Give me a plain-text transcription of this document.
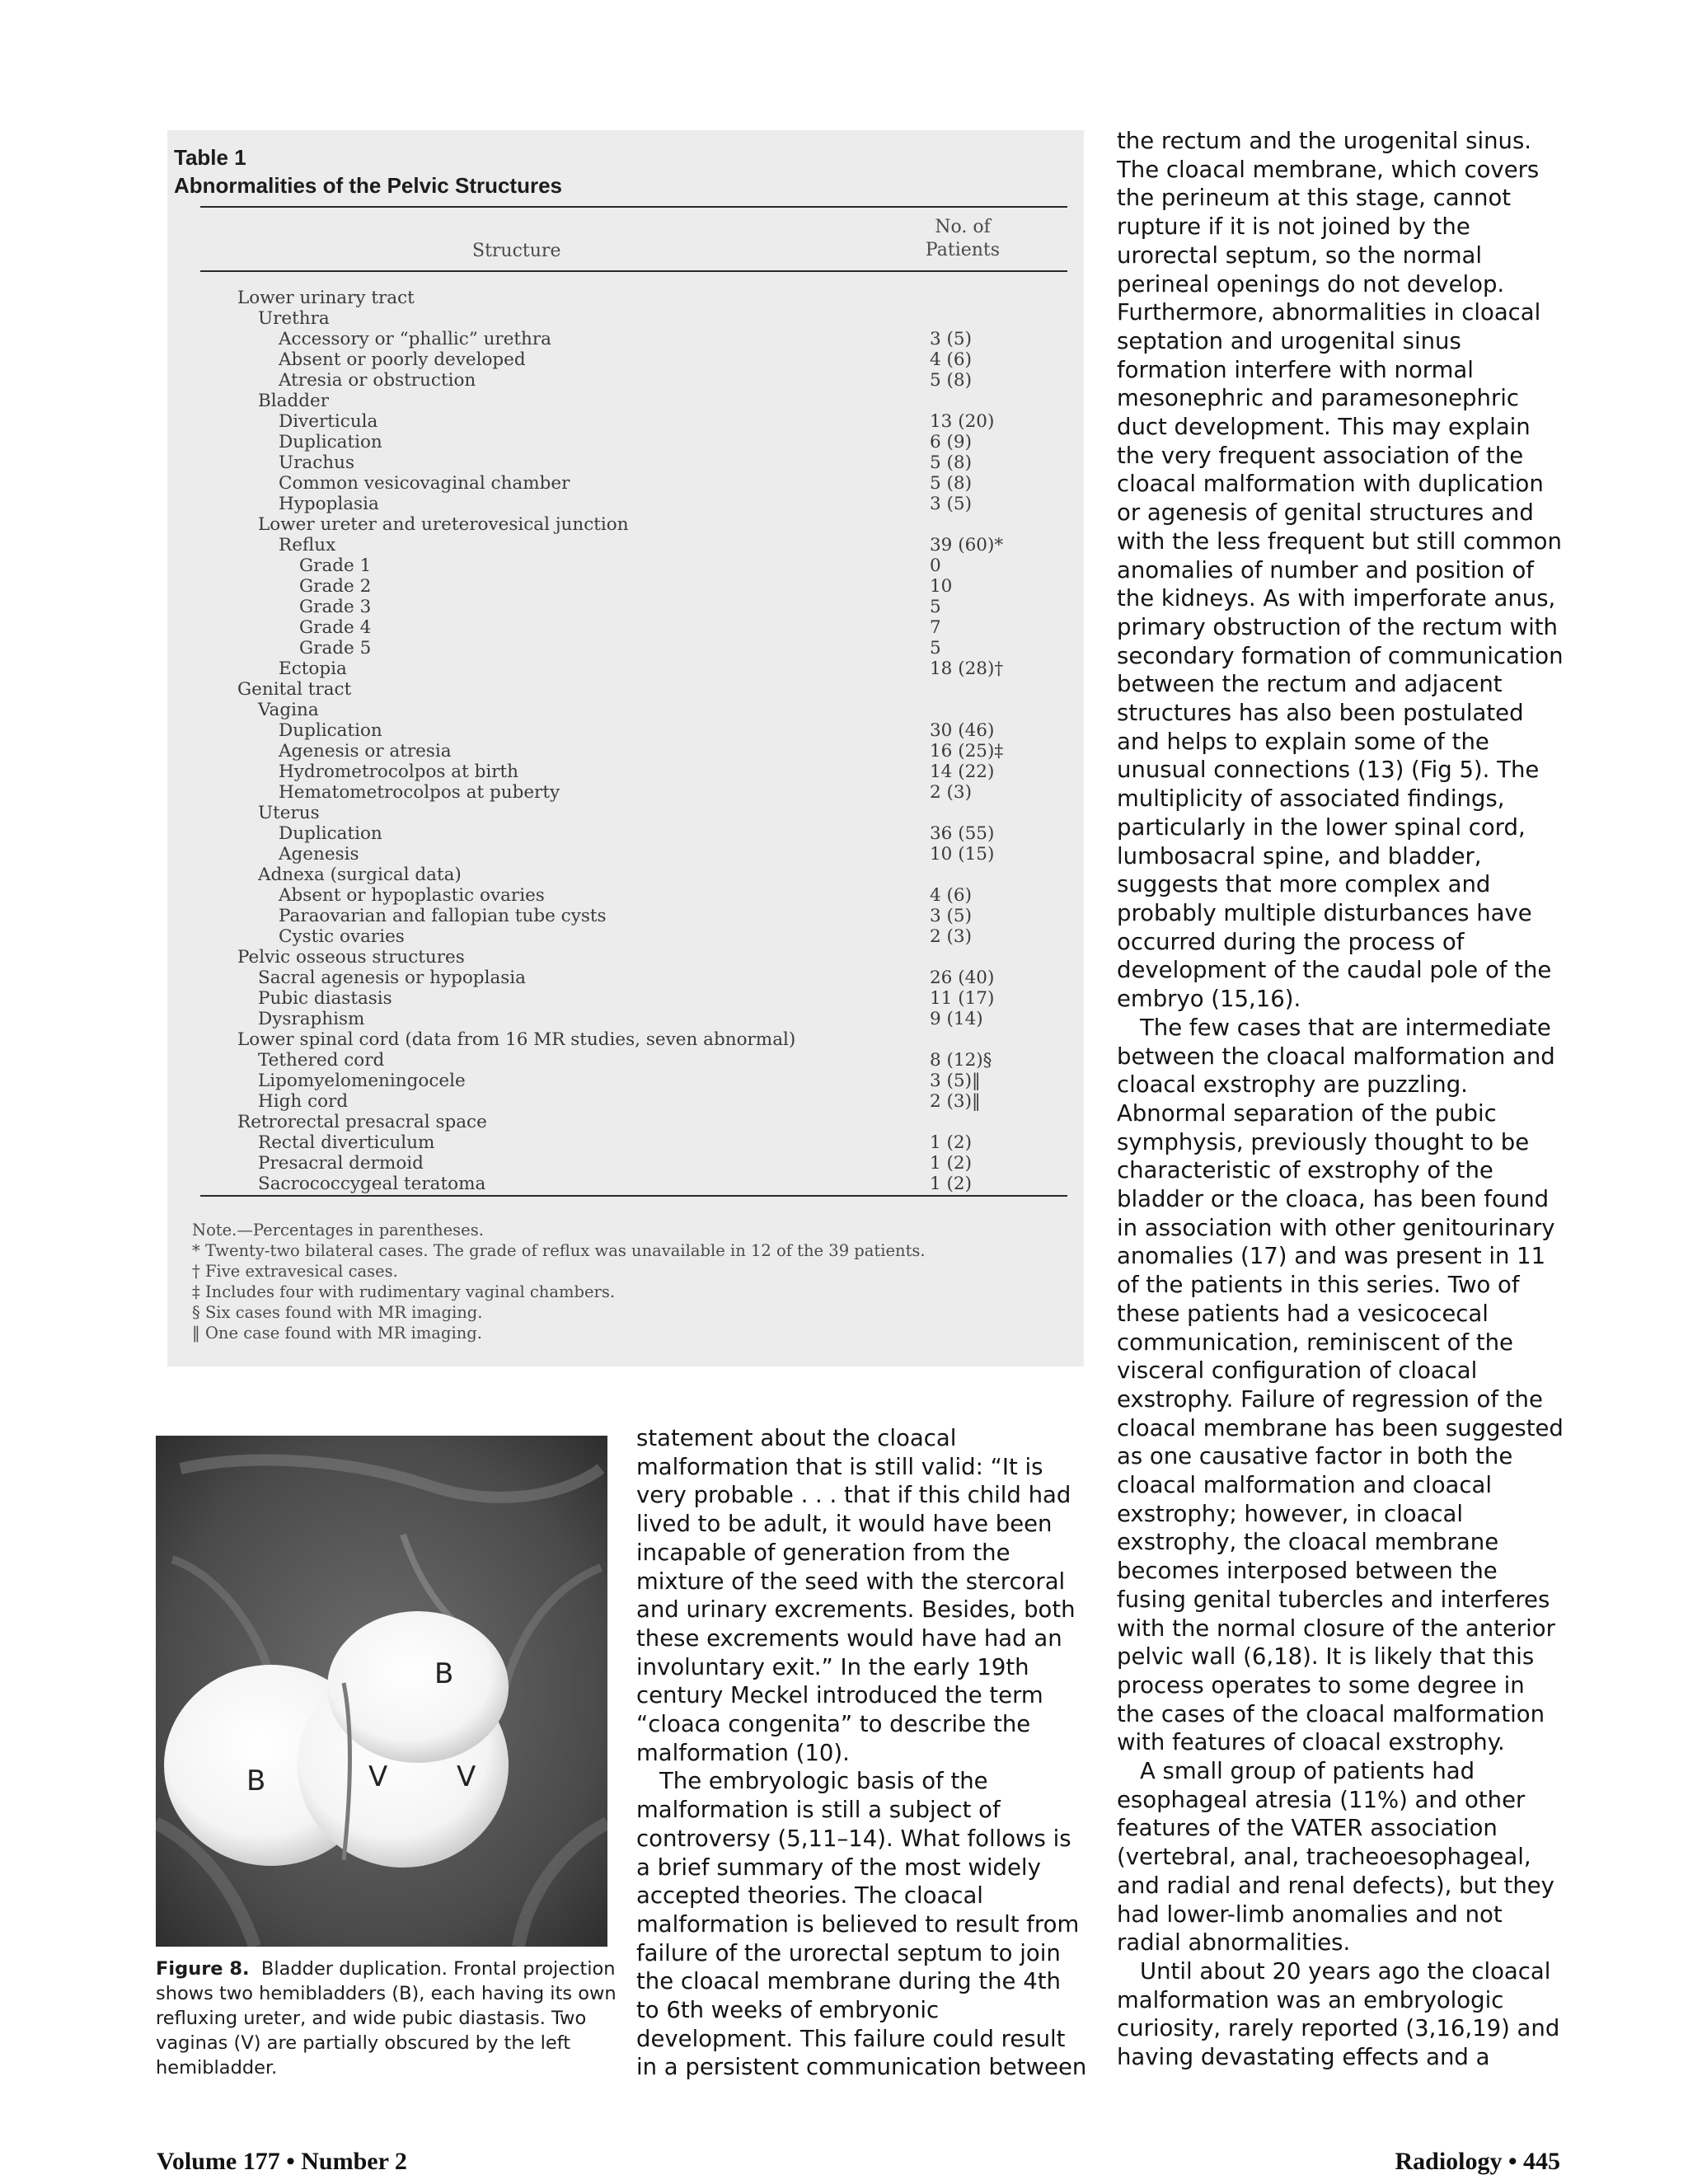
Table 1
Abnormalities of the Pelvic Structures
Structure
No. of
Patients
Lower urinary tract
Urethra
Accessory or “phallic” urethra	3 (5)
Absent or poorly developed	4 (6)
Atresia or obstruction	5 (8)
Bladder
Diverticula	13 (20)
Duplication	6 (9)
Urachus	5 (8)
Common vesicovaginal chamber	5 (8)
Hypoplasia	3 (5)
Lower ureter and ureterovesical junction
Reflux	39 (60)*
Grade 1	0
Grade 2	10
Grade 3	5
Grade 4	7
Grade 5	5
Ectopia	18 (28)†
Genital tract
Vagina
Duplication	30 (46)
Agenesis or atresia	16 (25)‡
Hydrometrocolpos at birth	14 (22)
Hematometrocolpos at puberty	2 (3)
Uterus
Duplication	36 (55)
Agenesis	10 (15)
Adnexa (surgical data)
Absent or hypoplastic ovaries	4 (6)
Paraovarian and fallopian tube cysts	3 (5)
Cystic ovaries	2 (3)
Pelvic osseous structures
Sacral agenesis or hypoplasia	26 (40)
Pubic diastasis	11 (17)
Dysraphism	9 (14)
Lower spinal cord (data from 16 MR studies, seven abnormal)
Tethered cord	8 (12)§
Lipomyelomeningocele	3 (5)‖
High cord	2 (3)‖
Retrorectal presacral space
Rectal diverticulum	1 (2)
Presacral dermoid	1 (2)
Sacrococcygeal teratoma	1 (2)
Note.—Percentages in parentheses.
* Twenty-two bilateral cases. The grade of reflux was unavailable in 12 of the 39 patients.
† Five extravesical cases.
‡ Includes four with rudimentary vaginal chambers.
§ Six cases found with MR imaging.
‖ One case found with MR imaging.
B
B
V V
Figure 8. Bladder duplication. Frontal projection shows two hemibladders (B), each having its own refluxing ureter, and wide pubic diastasis. Two vaginas (V) are partially obscured by the left hemibladder.

statement about the cloacal malformation that is still valid: “It is very probable . . . that if this child had lived to be adult, it would have been incapable of generation from the mixture of the seed with the stercoral and urinary excrements. Besides, both these excrements would have had an involuntary exit.” In the early 19th century Meckel introduced the term “cloaca congenita” to describe the malformation (10).

The embryologic basis of the malformation is still a subject of controversy (5,11–14). What follows is a brief summary of the most widely accepted theories. The cloacal malformation is believed to result from failure of the urorectal septum to join the cloacal membrane during the 4th to 6th weeks of embryonic development. This failure could result in a persistent communication between

the rectum and the urogenital sinus. The cloacal membrane, which covers the perineum at this stage, cannot rupture if it is not joined by the urorectal septum, so the normal perineal openings do not develop. Furthermore, abnormalities in cloacal septation and urogenital sinus formation interfere with normal mesonephric and paramesonephric duct development. This may explain the very frequent association of the cloacal malformation with duplication or agenesis of genital structures and with the less frequent but still common anomalies of number and position of the kidneys. As with imperforate anus, primary obstruction of the rectum with secondary formation of communication between the rectum and adjacent structures has also been postulated and helps to explain some of the unusual connections (13) (Fig 5). The multiplicity of associated findings, particularly in the lower spinal cord, lumbosacral spine, and bladder, suggests that more complex and probably multiple disturbances have occurred during the process of development of the caudal pole of the embryo (15,16).

The few cases that are intermediate between the cloacal malformation and cloacal exstrophy are puzzling. Abnormal separation of the pubic symphysis, previously thought to be characteristic of exstrophy of the bladder or the cloaca, has been found in association with other genitourinary anomalies (17) and was present in 11 of the patients in this series. Two of these patients had a vesicocecal communication, reminiscent of the visceral configuration of cloacal exstrophy. Failure of regression of the cloacal membrane has been suggested as one causative factor in both the cloacal malformation and cloacal exstrophy; however, in cloacal exstrophy, the cloacal membrane becomes interposed between the fusing genital tubercles and interferes with the normal closure of the anterior pelvic wall (6,18). It is likely that this process operates to some degree in the cases of the cloacal malformation with features of cloacal exstrophy.

A small group of patients had esophageal atresia (11%) and other features of the VATER association (vertebral, anal, tracheoesophageal, and radial and renal defects), but they had lower-limb anomalies and not radial abnormalities.

Until about 20 years ago the cloacal malformation was an embryologic curiosity, rarely reported (3,16,19) and having devastating effects and a

Volume 177 • Number 2	Radiology • 445
